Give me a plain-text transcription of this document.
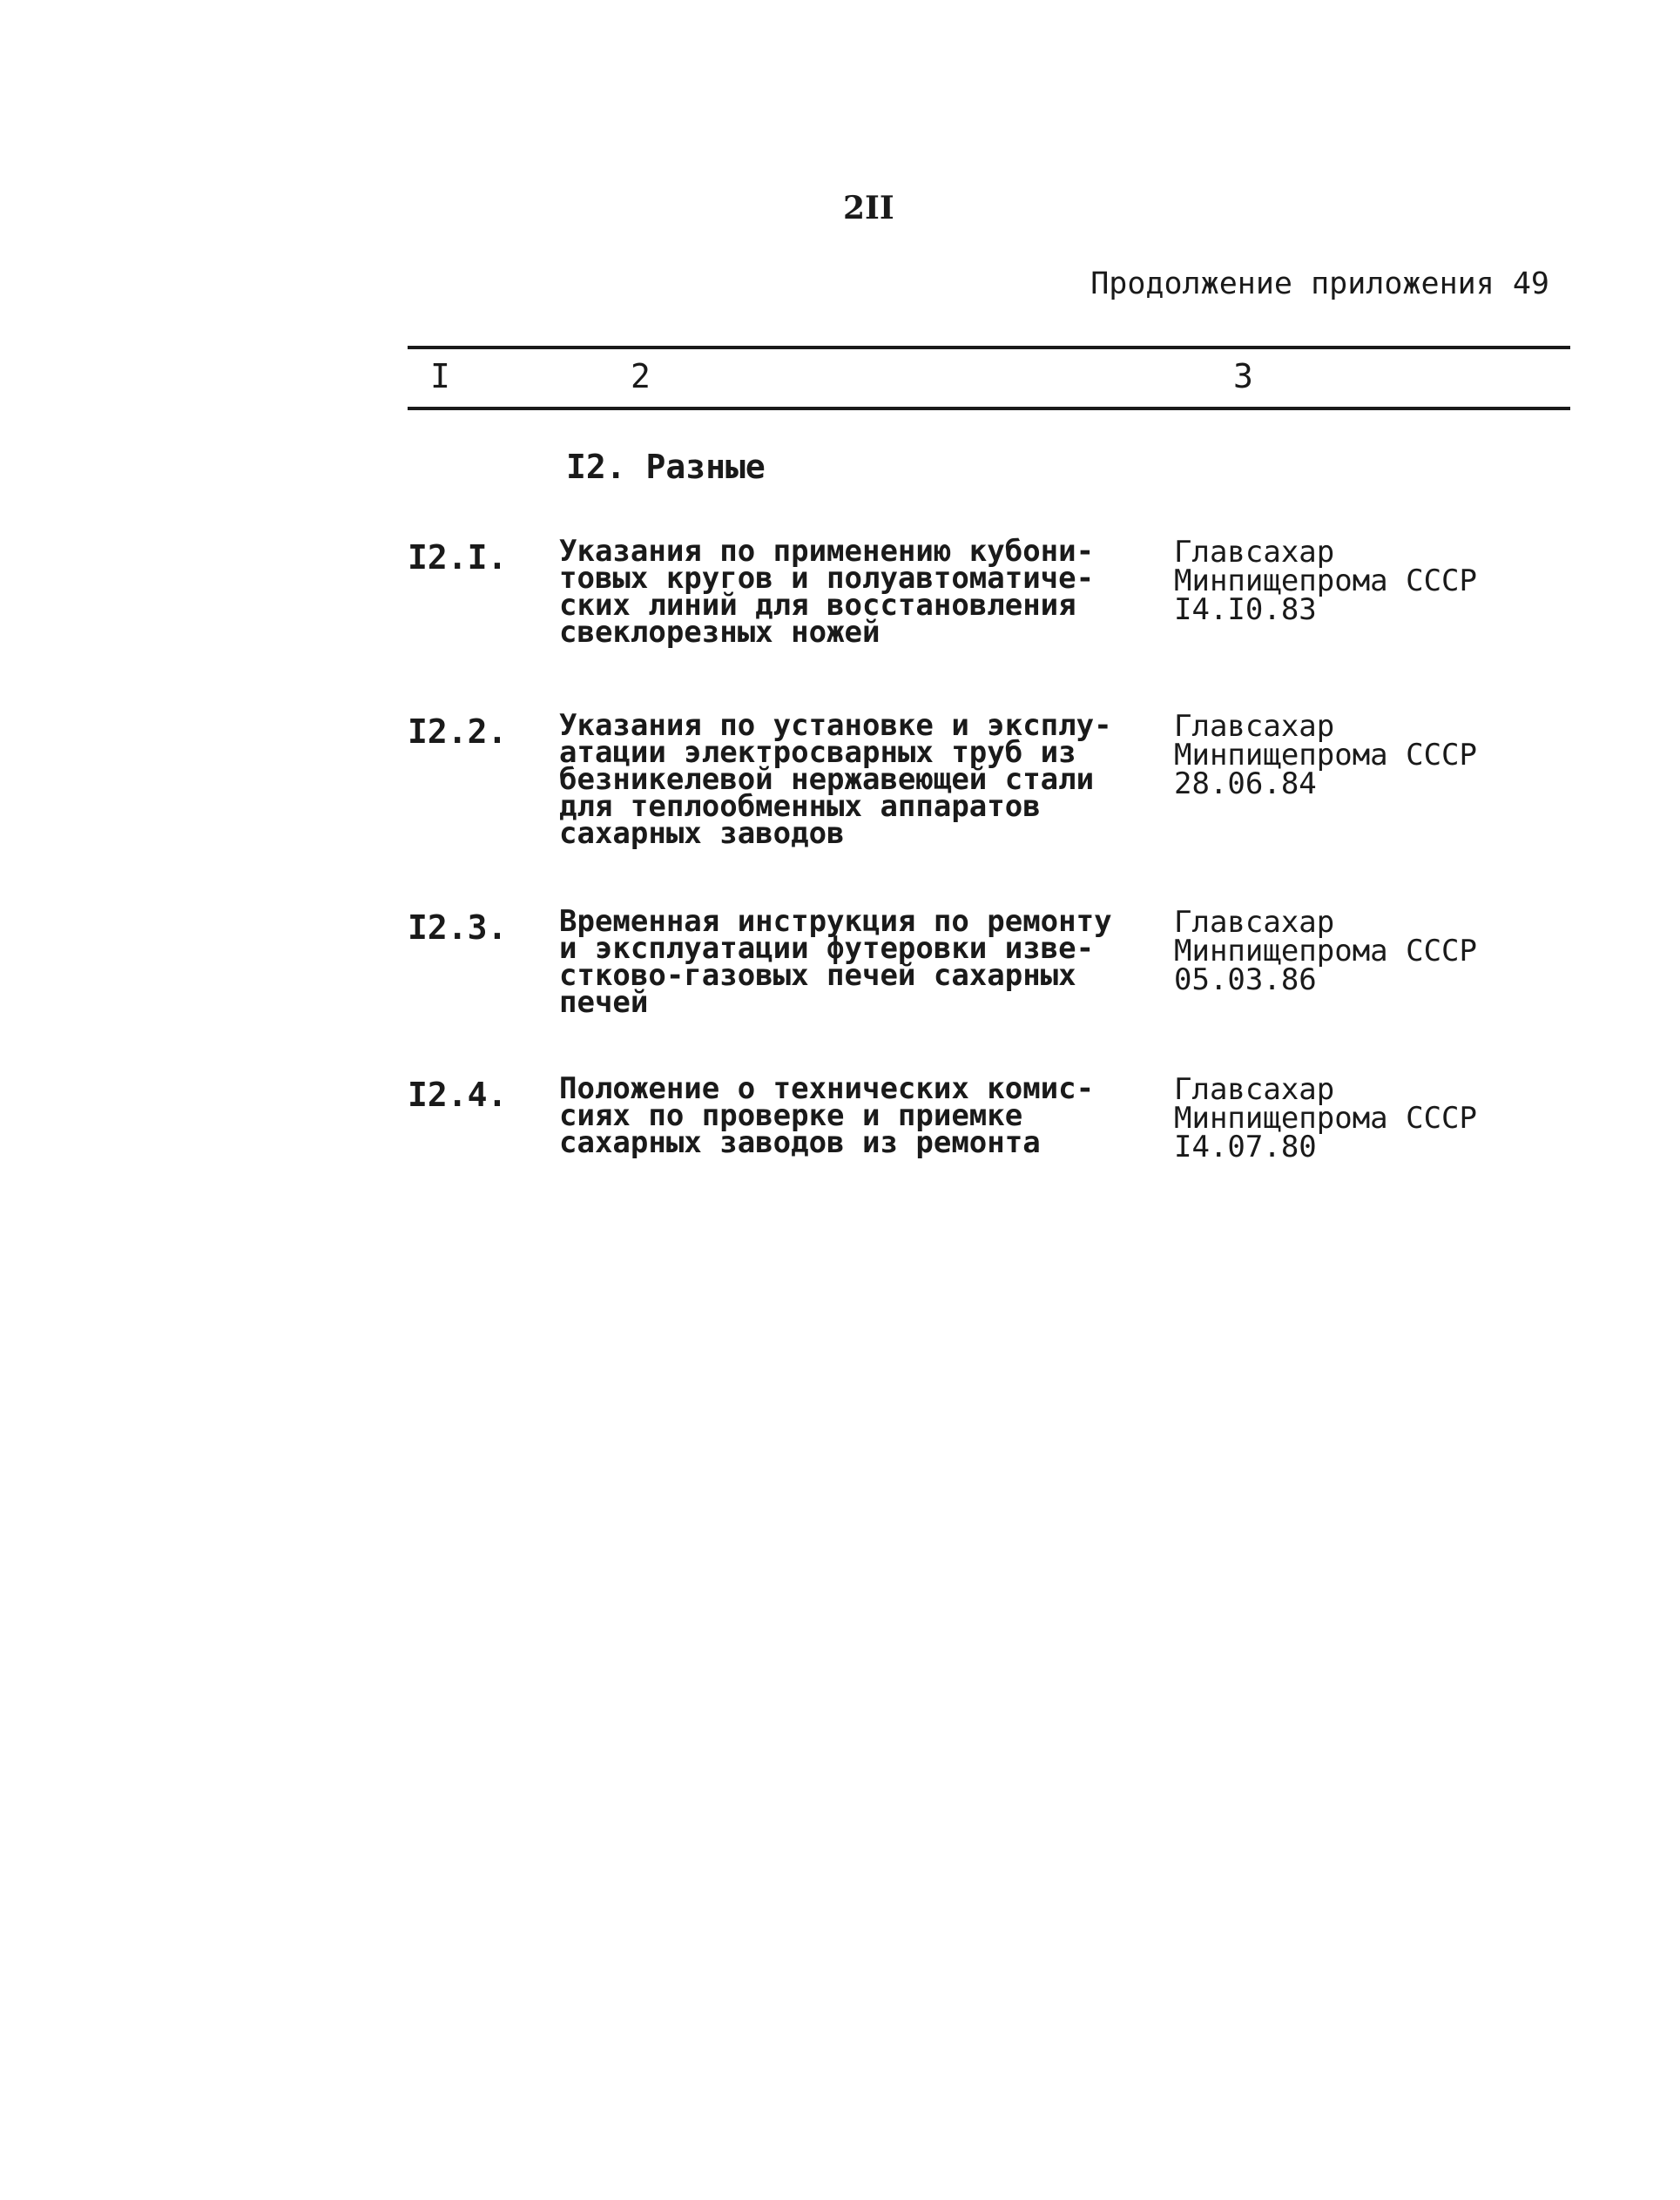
2II
Продолжение приложения 49
I	2	3
I2. Разные
I2.I. Указания по применению кубони-
товых кругов и полуавтоматиче-
ских линий для восстановления
свеклорезных ножей
Главсахар
Минпищепрома СССР
I4.I0.83
I2.2. Указания по установке и эксплу-
атации электросварных труб из
безникелевой нержавеющей стали
для теплообменных аппаратов
сахарных заводов
Главсахар
Минпищепрома СССР
28.06.84
I2.3. Временная инструкция по ремонту
и эксплуатации футеровки изве-
стково-газовых печей сахарных
печей
Главсахар
Минпищепрома СССР
05.03.86
I2.4. Положение о технических комис-
сиях по проверке и приемке
сахарных заводов из ремонта
Главсахар
Минпищепрома СССР
I4.07.80
